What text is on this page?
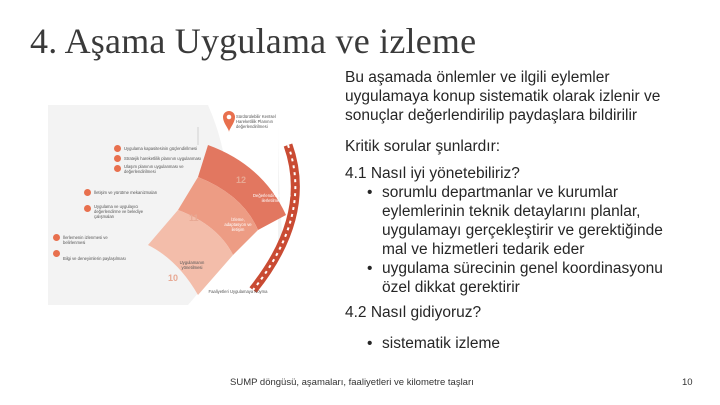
4. Aşama Uygulama ve izleme
Sürdürülebilir Kentsel Hareketlilik Planının değerlendirilmesi
Uygulama kapasitesinin güçlendirilmesi
Stratejik hareketlilik planının uygulanması
Ulaşım planının uygulanması ve değerlendirilmesi
İletişim ve yürütme mekanizmaları
Uygulama ve uygulayıcı değerlendirme ve belediye çalışmaları
İlerlemenin izlenmesi ve belirlenmesi
Bilgi ve deneyimlerin paylaşılması
12
11
10
Değerlendirilmesi ve ilerletilmesi
İzleme, adaptasyon ve iletişim
Uygulamanın yönetilmesi
Faaliyetleri Uygulamaya Koyma

Bu aşamada önlemler ve ilgili eylemler uygulamaya konup sistematik olarak izlenir ve sonuçlar değerlendirilip paydaşlara bildirilir

Kritik sorular şunlardır:

4.1 Nasıl iyi yönetebiliriz?

• sorumlu departmanlar ve kurumlar eylemlerinin teknik detaylarını planlar, uygulamayı gerçekleştirir ve gerektiğinde mal ve hizmetleri tedarik eder
• uygulama sürecinin genel koordinasyonu özel dikkat gerektirir

4.2 Nasıl gidiyoruz?

• sistematik izleme
SUMP döngüsü, aşamaları, faaliyetleri ve kilometre taşları	10
